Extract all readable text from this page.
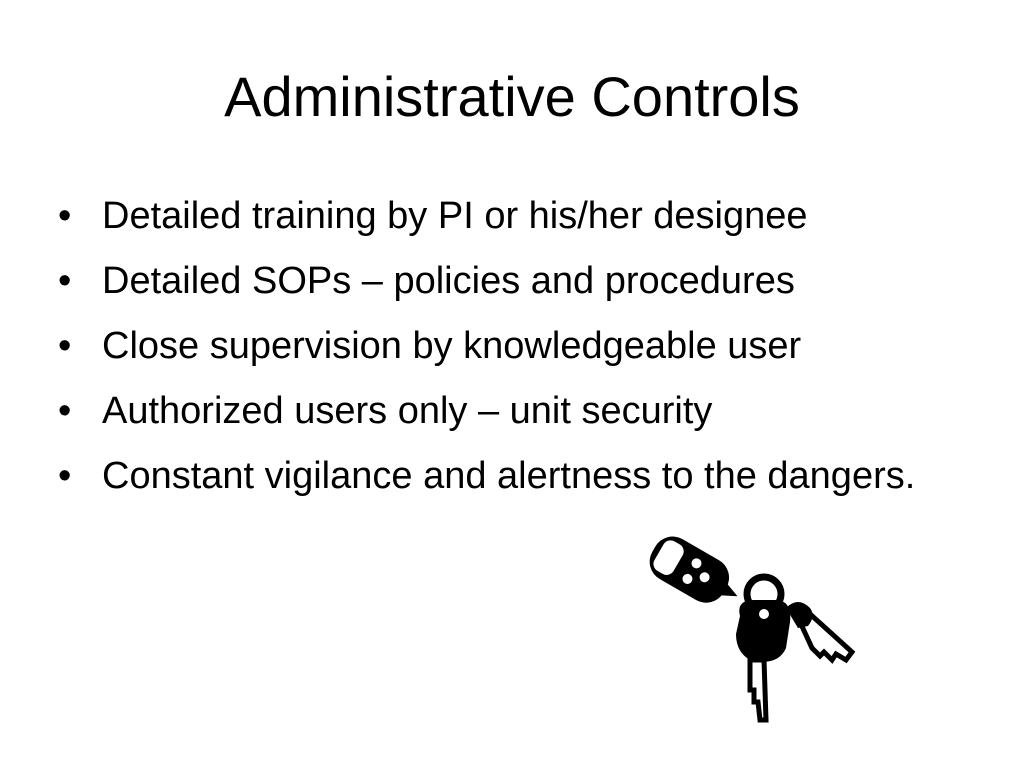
Administrative Controls
• Detailed training by PI or his/her designee
• Detailed SOPs – policies and procedures
• Close supervision by knowledgeable user
• Authorized users only – unit security
• Constant vigilance and alertness to the dangers.
